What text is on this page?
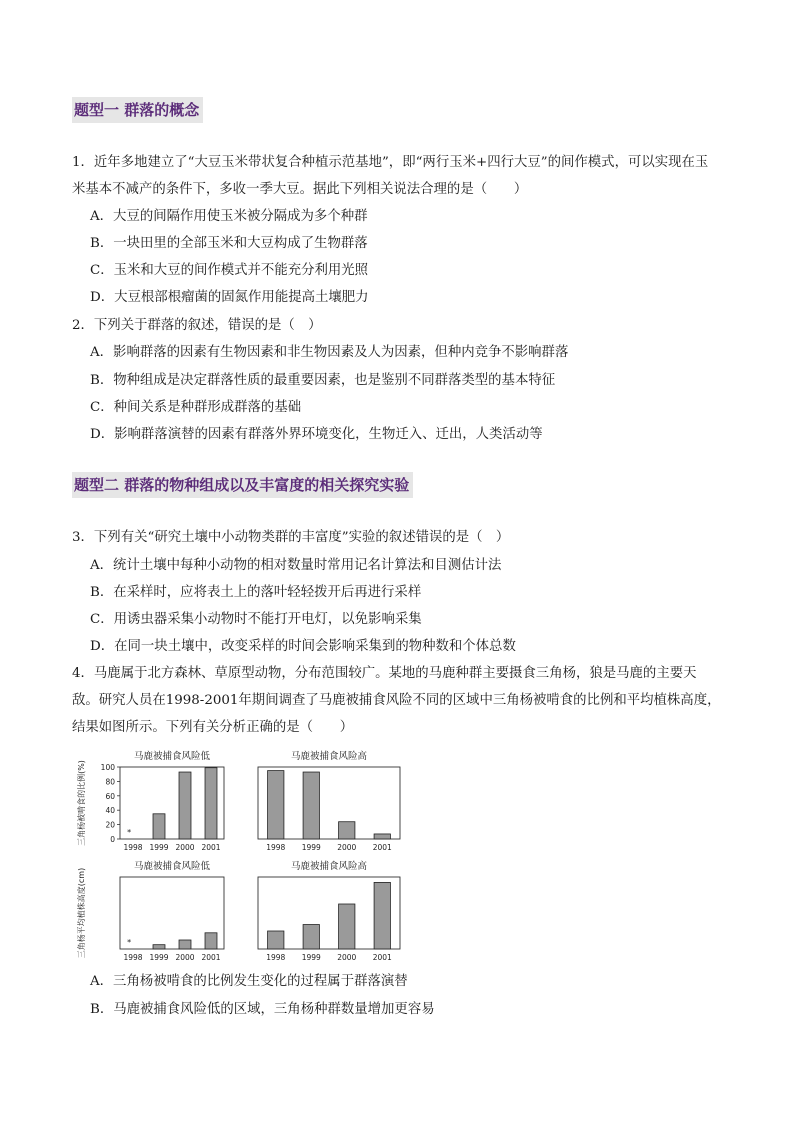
题型一 群落的概念
1．近年多地建立了“大豆玉米带状复合种植示范基地”，即“两行玉米+四行大豆”的间作模式，可以实现在玉
米基本不减产的条件下，多收一季大豆。据此下列相关说法合理的是（　　）
A．大豆的间隔作用使玉米被分隔成为多个种群
B．一块田里的全部玉米和大豆构成了生物群落
C．玉米和大豆的间作模式并不能充分利用光照
D．大豆根部根瘤菌的固氮作用能提高土壤肥力
2．下列关于群落的叙述，错误的是（　）
A．影响群落的因素有生物因素和非生物因素及人为因素，但种内竞争不影响群落
B．物种组成是决定群落性质的最重要因素，也是鉴别不同群落类型的基本特征
C．种间关系是种群形成群落的基础
D．影响群落演替的因素有群落外界环境变化，生物迁入、迁出，人类活动等
题型二 群落的物种组成以及丰富度的相关探究实验
3．下列有关“研究土壤中小动物类群的丰富度”实验的叙述错误的是（　）
A．统计土壤中每种小动物的相对数量时常用记名计算法和目测估计法
B．在采样时，应将表土上的落叶轻轻拨开后再进行采样
C．用诱虫器采集小动物时不能打开电灯，以免影响采集
D．在同一块土壤中，改变采样的时间会影响采集到的物种数和个体总数
4．马鹿属于北方森林、草原型动物，分布范围较广。某地的马鹿种群主要摄食三角杨，狼是马鹿的主要天
敌。研究人员在1998-2001年期间调查了马鹿被捕食风险不同的区域中三角杨被啃食的比例和平均植株高度，
结果如图所示。下列有关分析正确的是（　　）
马鹿被捕食风险低
0
20
40
60
80
100
三角杨被啃食的比例(%)	*
1998 1999 2000 2001
马鹿被捕食风险高
1998 1999 2000 2001
马鹿被捕食风险低
三角杨平均植株高度(cm)	*
1998 1999 2000 2001
马鹿被捕食风险高
1998 1999 2000 2001
A．三角杨被啃食的比例发生变化的过程属于群落演替
B．马鹿被捕食风险低的区域，三角杨种群数量增加更容易
